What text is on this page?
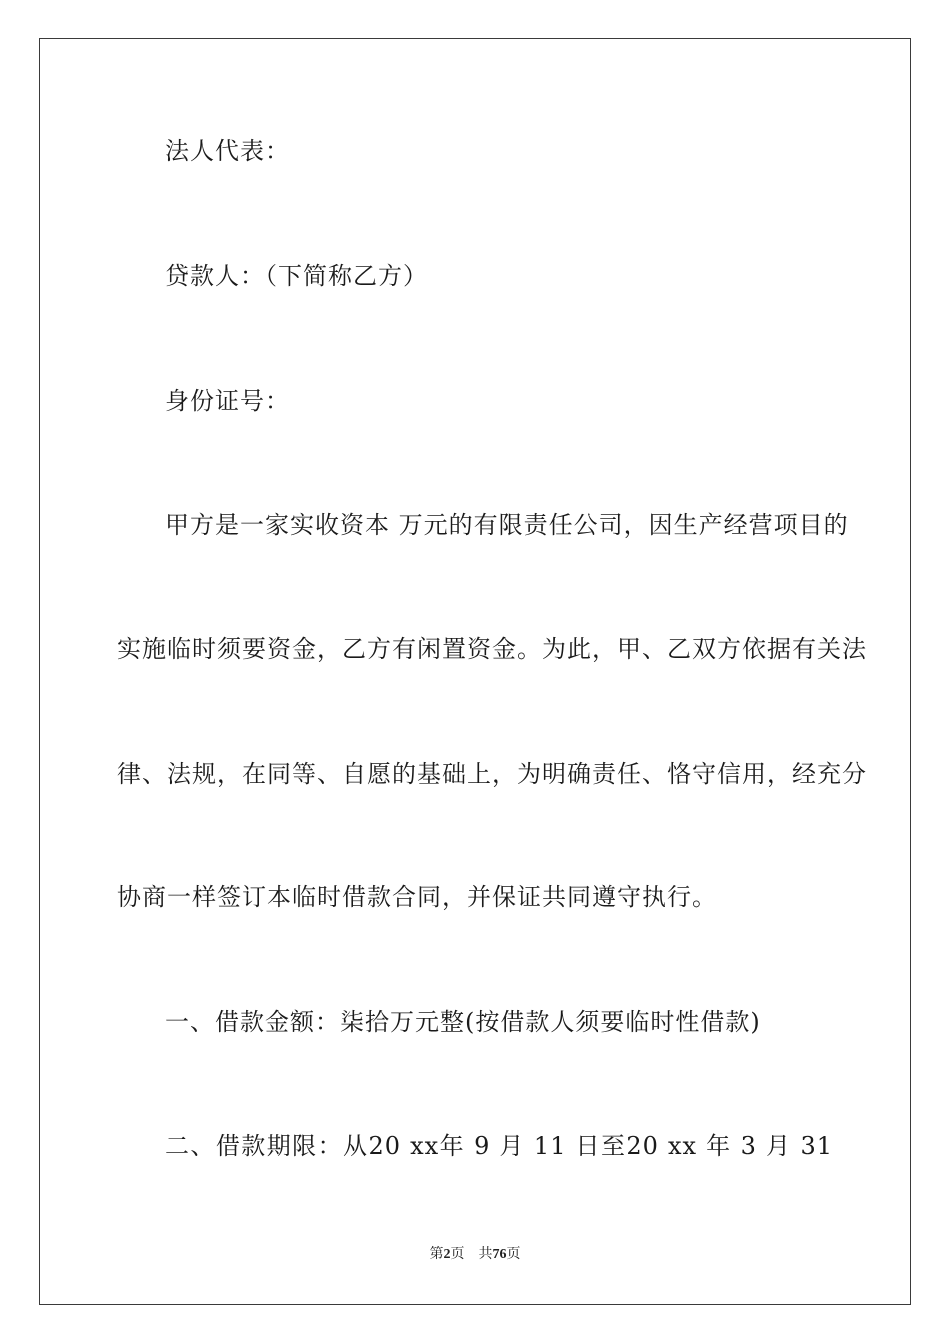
法人代表：
贷款人：（下简称乙方）
身份证号：
甲方是一家实收资本 万元的有限责任公司，因生产经营项目的
实施临时须要资金，乙方有闲置资金。为此，甲、乙双方依据有关法
律、法规，在同等、自愿的基础上，为明确责任、恪守信用，经充分
协商一样签订本临时借款合同，并保证共同遵守执行。
一、借款金额：柒拾万元整(按借款人须要临时性借款)
二、借款期限：从20 xx年 9 月 11 日至20 xx 年 3 月 31
第2页 共76页
